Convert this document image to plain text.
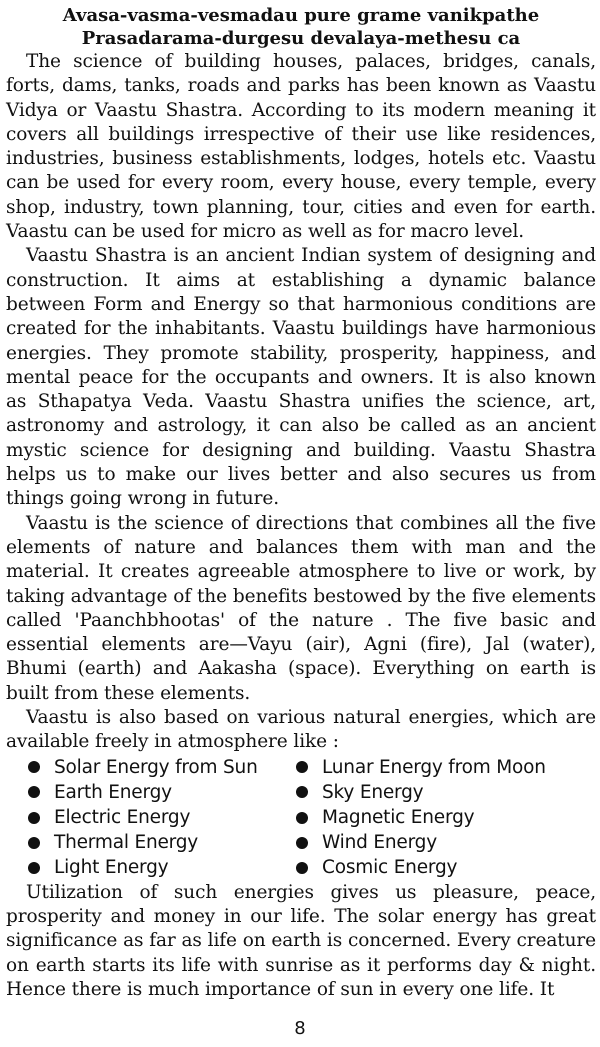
Avasa-vasma-vesmadau pure grame vanikpathe
Prasadarama-durgesu devalaya-methesu ca

The science of building houses, palaces, bridges, canals, forts, dams, tanks, roads and parks has been known as Vaastu Vidya or Vaastu Shastra. According to its modern meaning it covers all buildings irrespective of their use like residences, industries, business establishments, lodges, hotels etc. Vaastu can be used for every room, every house, every temple, every shop, industry, town planning, tour, cities and even for earth. Vaastu can be used for micro as well as for macro level.

Vaastu Shastra is an ancient Indian system of designing and construction. It aims at establishing a dynamic balance between Form and Energy so that harmonious conditions are created for the inhabitants. Vaastu buildings have harmonious energies. They promote stability, prosperity, happiness, and mental peace for the occupants and owners. It is also known as Sthapatya Veda. Vaastu Shastra unifies the science, art, astronomy and astrology, it can also be called as an ancient mystic science for designing and building. Vaastu Shastra helps us to make our lives better and also secures us from things going wrong in future.

Vaastu is the science of directions that combines all the five elements of nature and balances them with man and the material. It creates agreeable atmosphere to live or work, by taking advantage of the benefits bestowed by the five elements called 'Paanchbhootas' of the nature . The five basic and essential elements are—Vayu (air), Agni (fire), Jal (water), Bhumi (earth) and Aakasha (space). Everything on earth is built from these elements.

Vaastu is also based on various natural energies, which are available freely in atmosphere like :

Solar Energy from Sun	Lunar Energy from Moon
Earth Energy	Sky Energy
Electric Energy	Magnetic Energy
Thermal Energy	Wind Energy
Light Energy	Cosmic Energy

Utilization of such energies gives us pleasure, peace, prosperity and money in our life. The solar energy has great significance as far as life on earth is concerned. Every creature on earth starts its life with sunrise as it performs day & night. Hence there is much importance of sun in every one life. It

8
